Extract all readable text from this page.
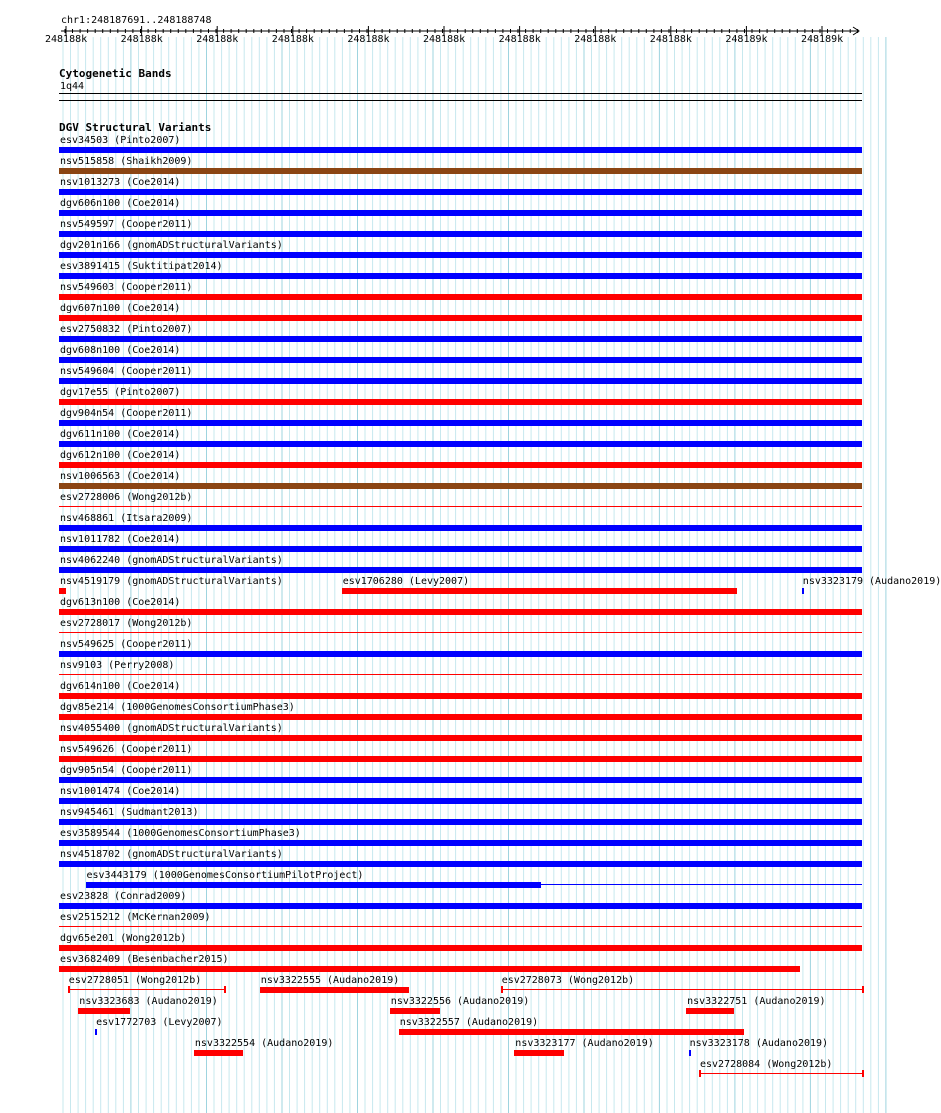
chr1:248187691..248188748
Cytogenetic Bands
1q44
DGV Structural Variants
248188k	248188k	248188k	248188k	248188k	248188k	248188k	248188k	248188k	248189k	248189k
esv34503 (Pinto2007)
nsv515858 (Shaikh2009)
nsv1013273 (Coe2014)
dgv606n100 (Coe2014)
nsv549597 (Cooper2011)
dgv201n166 (gnomADStructuralVariants)
esv3891415 (Suktitipat2014)
nsv549603 (Cooper2011)
dgv607n100 (Coe2014)
esv2750832 (Pinto2007)
dgv608n100 (Coe2014)
nsv549604 (Cooper2011)
dgv17e55 (Pinto2007)
dgv904n54 (Cooper2011)
dgv611n100 (Coe2014)
dgv612n100 (Coe2014)
nsv1006563 (Coe2014)
esv2728006 (Wong2012b)
nsv468861 (Itsara2009)
nsv1011782 (Coe2014)
nsv4062240 (gnomADStructuralVariants)
nsv4519179 (gnomADStructuralVariants)	esv1706280 (Levy2007)	nsv3323179 (Audano2019)
dgv613n100 (Coe2014)
esv2728017 (Wong2012b)
nsv549625 (Cooper2011)
nsv9103 (Perry2008)
dgv614n100 (Coe2014)
dgv85e214 (1000GenomesConsortiumPhase3)
nsv4055400 (gnomADStructuralVariants)
nsv549626 (Cooper2011)
dgv905n54 (Cooper2011)
nsv1001474 (Coe2014)
nsv945461 (Sudmant2013)
esv3589544 (1000GenomesConsortiumPhase3)
nsv4518702 (gnomADStructuralVariants)
esv3443179 (1000GenomesConsortiumPilotProject)
esv23828 (Conrad2009)
esv2515212 (McKernan2009)
dgv65e201 (Wong2012b)
esv3682409 (Besenbacher2015)
esv2728051 (Wong2012b)	nsv3322555 (Audano2019)	esv2728073 (Wong2012b)
nsv3323683 (Audano2019)	nsv3322556 (Audano2019)	nsv3322751 (Audano2019)
esv1772703 (Levy2007)	nsv3322557 (Audano2019)
nsv3322554 (Audano2019)	nsv3323177 (Audano2019)	nsv3323178 (Audano2019)
esv2728084 (Wong2012b)
